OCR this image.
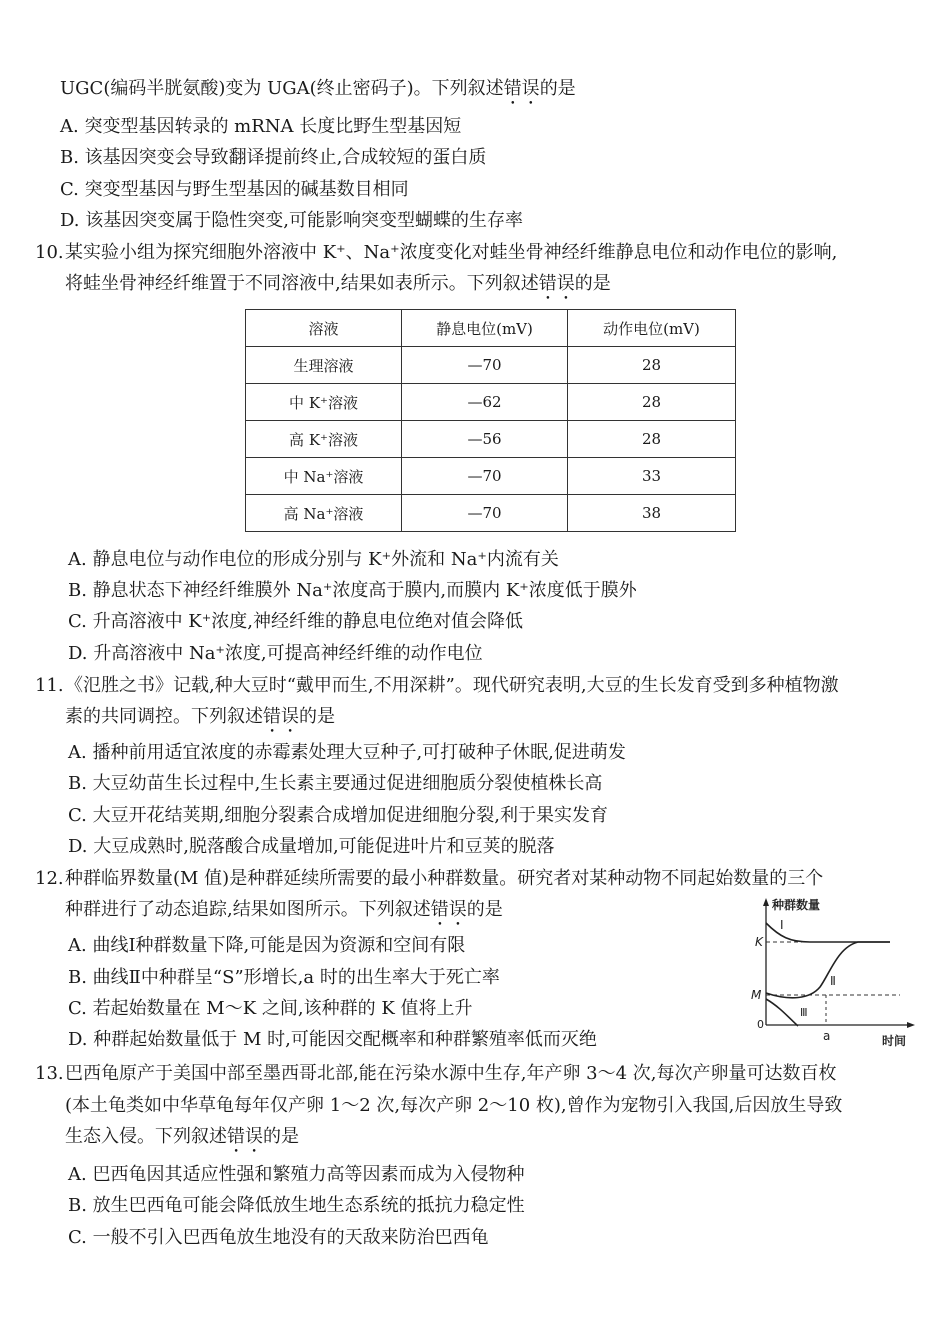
UGC(编码半胱氨酸)变为 UGA(终止密码子)。下列叙述错误的是
A. 突变型基因转录的 mRNA 长度比野生型基因短
B. 该基因突变会导致翻译提前终止,合成较短的蛋白质
C. 突变型基因与野生型基因的碱基数目相同
D. 该基因突变属于隐性突变,可能影响突变型蝴蝶的生存率
10.某实验小组为探究细胞外溶液中 K⁺、Na⁺浓度变化对蛙坐骨神经纤维静息电位和动作电位的影响,
将蛙坐骨神经纤维置于不同溶液中,结果如表所示。下列叙述错误的是
溶液	静息电位(mV)	动作电位(mV)
生理溶液	—70	28
中 K⁺溶液	—62	28
高 K⁺溶液	—56	28
中 Na⁺溶液	—70	33
高 Na⁺溶液	—70	38
A. 静息电位与动作电位的形成分别与 K⁺外流和 Na⁺内流有关
B. 静息状态下神经纤维膜外 Na⁺浓度高于膜内,而膜内 K⁺浓度低于膜外
C. 升高溶液中 K⁺浓度,神经纤维的静息电位绝对值会降低
D. 升高溶液中 Na⁺浓度,可提高神经纤维的动作电位
11.《氾胜之书》记载,种大豆时“戴甲而生,不用深耕”。现代研究表明,大豆的生长发育受到多种植物激
素的共同调控。下列叙述错误的是
A. 播种前用适宜浓度的赤霉素处理大豆种子,可打破种子休眠,促进萌发
B. 大豆幼苗生长过程中,生长素主要通过促进细胞质分裂使植株长高
C. 大豆开花结荚期,细胞分裂素合成增加促进细胞分裂,利于果实发育
D. 大豆成熟时,脱落酸合成量增加,可能促进叶片和豆荚的脱落
12.种群临界数量(M 值)是种群延续所需要的最小种群数量。研究者对某种动物不同起始数量的三个
种群进行了动态追踪,结果如图所示。下列叙述错误的是
A. 曲线Ⅰ种群数量下降,可能是因为资源和空间有限
B. 曲线Ⅱ中种群呈“S”形增长,a 时的出生率大于死亡率
C. 若起始数量在 M～K 之间,该种群的 K 值将上升
D. 种群起始数量低于 M 时,可能因交配概率和种群繁殖率低而灭绝
种群数量
时间
K
M
0
a
Ⅰ
Ⅱ
Ⅲ
13.巴西龟原产于美国中部至墨西哥北部,能在污染水源中生存,年产卵 3～4 次,每次产卵量可达数百枚
(本土龟类如中华草龟每年仅产卵 1～2 次,每次产卵 2～10 枚),曾作为宠物引入我国,后因放生导致
生态入侵。下列叙述错误的是
A. 巴西龟因其适应性强和繁殖力高等因素而成为入侵物种
B. 放生巴西龟可能会降低放生地生态系统的抵抗力稳定性
C. 一般不引入巴西龟放生地没有的天敌来防治巴西龟
